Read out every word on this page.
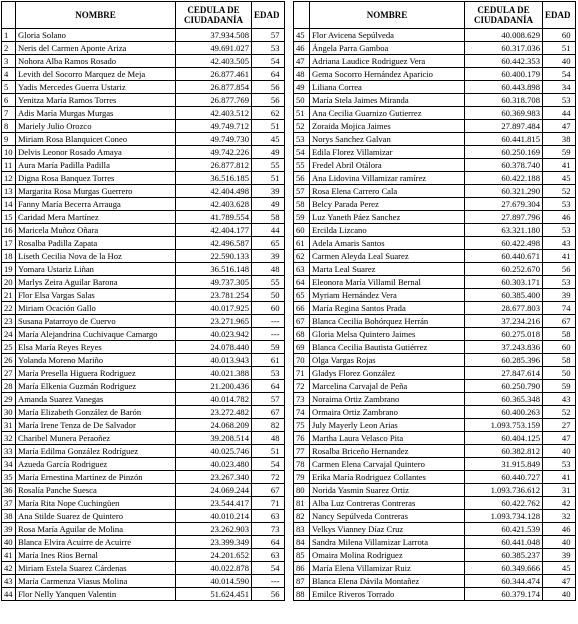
	NOMBRE	CEDULA DE
CIUDADANÍA	EDAD
1	Gloria Solano	37.934.508	57
2	Neris del Carmen Aponte Ariza	49.691.027	53
3	Nohora Alba Ramos Rosado	42.403.505	54
4	Levith del Socorro Marquez de Meja	26.877.461	64
5	Yadis Mercedes Guerra Ustariz	26.877.854	56
6	Yenitza María Ramos Torres	26.877.769	56
7	Adis María Murgas Murgas	42.403.512	62
8	Mariely Julio Orozco	49.749.712	51
9	Miriam Rosa Blanquicet Coneo	49.749.730	45
10	Delvis Leonor Rosado Amaya	49.742.226	49
11	Aura María Padilla Padilla	26.877.812	55
12	Digna Rosa Banquez Torres	36.516.185	51
13	Margarita Rosa Murgas Guerrero	42.404.498	39
14	Fanny María Becerra Arrauga	42.403.628	49
15	Caridad Mera Martínez	41.789.554	58
16	Maricela Muñoz Oñara	42.404.177	44
17	Rosalba Padilla Zapata	42.496.587	65
18	Liseth Cecilia Nova de la Hoz	22.590.133	39
19	Yomara Ustariz Liñan	36.516.148	48
20	Marlys Zeira Aguilar Barona	49.737.305	55
21	Flor Elsa Vargas Salas	23.781.254	50
22	Miriam Ocación Gallo	40.017.925	60
23	Susana Patarroyo de Cuervo	23.271.965	---
24	María Alejandrina Cuchivaque Camargo	40.023.942	---
25	Elsa María Reyes Reyes	24.078.440	59
26	Yolanda Moreno Mariño	40.013.943	61
27	María Presella Higuera Rodriguez	40.021.388	53
28	María Elkenia Guzmán Rodriguez	21.200.436	64
29	Amanda Suarez Vanegas	40.014.782	57
30	María Elizabeth González de Barón	23.272.482	67
31	María Irene Tenza de De Salvador	24.068.209	82
32	Charibel Munera Peraoñez	39.208.514	48
33	María Edilma González Rodríguez	40.025.746	51
34	Azueda García Rodriguez	40.023.480	54
35	María Ernestina Martínez de Pinzón	23.267.340	72
36	Rosalía Panche Suesca	24.069.244	67
37	María Rita Nope Cuchingüen	23.544.417	71
38	Ana Stilde Suarez de Quintero	40.010.214	63
39	Rosa María Aguilar de Molina	23.262.903	73
40	Blanca Elvira Acuirre de Acuirre	23.399.349	64
41	María Ines Rios Bernal	24.201.652	63
42	Miriam Estela Suarez Cárdenas	40.022.878	54
43	María Carmenza Viasus Molina	40.014.590	---
44	Flor Nelly Yanquen Valentin	51.624.451	56
	NOMBRE	CEDULA DE
CIUDADANÍA	EDAD
45	Flor Avicena Sepúlveda	40.008.629	60
46	Ángela Parra Gamboa	60.317.036	51
47	Adriana Laudice Rodriguez Vera	60.442.353	40
48	Gema Socorro Hernández Aparicio	60.400.179	54
49	Liliana Correa	60.443.898	34
50	María Stela Jaimes Miranda	60.318.708	53
51	Ana Cecilia Guarnizo Gutierrez	60.369.983	44
52	Zoraida Mojica Jaimes	27.897.484	47
53	Norys Sanchez Galvan	60.441.815	38
54	Edila Florez Villamizar	60.250.169	59
55	Fredel Abril Otálora	60.378.740	41
56	Ana Lidovina Villamizar ramírez	60.422.188	45
57	Rosa Elena Carrero Cala	60.321.290	52
58	Belcy Parada Perez	27.679.304	53
59	Luz Yaneth Páez Sanchez	27.897.796	46
60	Ercilda Lizcano	63.321.180	53
61	Adela Amaris Santos	60.422.498	43
62	Carmen Aleyda Leal Suarez	60.440.671	41
63	Marta Leal Suarez	60.252.670	56
64	Eleonora María Villamil Bernal	60.303.171	53
65	Myriam Hernández Vera	60.385.400	39
66	María Regina Santos Prada	28.677.803	74
67	Blanca Cecilia Bohórquez Herrán	37.234.216	67
68	Gloria Melsa Quintero Jaimes	60.275.018	58
69	Blanca Cecilia Bautista Gutiérrez	37.243.836	60
70	Olga Vargas Rojas	60.285.396	58
71	Gladys Florez González	27.847.614	50
72	Marcelina Carvajal de Peña	60.250.790	59
73	Noraima Ortiz Zambrano	60.365.348	43
74	Ormaira Ortiz Zambrano	60.400.263	52
75	July Mayerly Leon Arias	1.093.753.159	27
76	Martha Laura Velasco Pita	60.404.125	47
77	Rosalba Briceño Hernandez	60.382.812	40
78	Carmen Elena Carvajal Quintero	31.915.849	53
79	Erika María Rodriguez Collantes	60.440.727	41
80	Norida Yasmin Suarez Ortiz	1.093.736.612	31
81	Alba Luz Contreras Contreras	60.422.762	42
82	Nancy Sepúlveda Contreras	1.093.734.128	32
83	Velkys Vianney Díaz Cruz	60.421.539	46
84	Sandra Milena Villamizar Larrota	60.441.048	40
85	Omaira Molina Rodriguez	60.385.237	39
86	María Elena Villamizar Ruiz	60.349.666	45
87	Blanca Elena Dávila Montañez	60.344.474	47
88	Emilce Riveros Torrado	60.379.174	40
